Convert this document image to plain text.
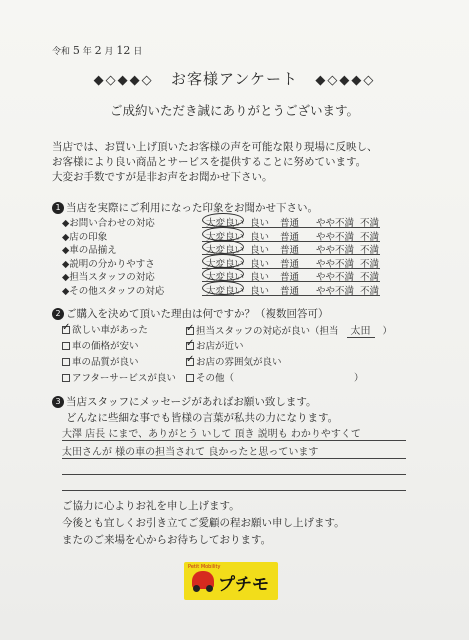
令和 5 年 2 月 12 日
◆◇◆◆◇ お客様アンケート ◆◇◆◆◇
ご成約いただき誠にありがとうございます。
当店では、お買い上げ頂いたお客様の声を可能な限り現場に反映し、
お客様により良い商品とサービスを提供することに努めています。
大変お手数ですが是非お声をお聞かせ下さい。
1 当店を実際にご利用になった印象をお聞かせ下さい。
◆お問い合わせの対応	大変良い 良い 普通 やや不満 不満
◆店の印象	大変良い 良い 普通 やや不満 不満
◆車の品揃え	大変良い 良い 普通 やや不満 不満
◆説明の分かりやすさ	大変良い 良い 普通 やや不満 不満
◆担当スタッフの対応	大変良い 良い 普通 やや不満 不満
◆その他スタッフの対応	大変良い 良い 普通 やや不満 不満
2 ご購入を決めて頂いた理由は何ですか？（複数回答可）
✓欲しい車があった ✓	担当スタッフの対応が良い（担当 太田 ）
車の価格が安い ✓	お店が近い
車の品質が良い ✓	お店の雰囲気が良い
アフターサービスが良い	その他（	）
3 当店スタッフにメッセージがあればお願い致します。
どんなに些細な事でも皆様の言葉が私共の力になります。
大澤 店長 にまで、ありがとう いして 頂き 説明も わかりやすくて
太田さんが 様の車の担当されて 良かったと思っています
ご協力に心よりお礼を申し上げます。
今後とも宜しくお引き立てご愛顧の程お願い申し上げます。
またのご来場を心からお待ちしております。
Petit Mobility
プチモ
